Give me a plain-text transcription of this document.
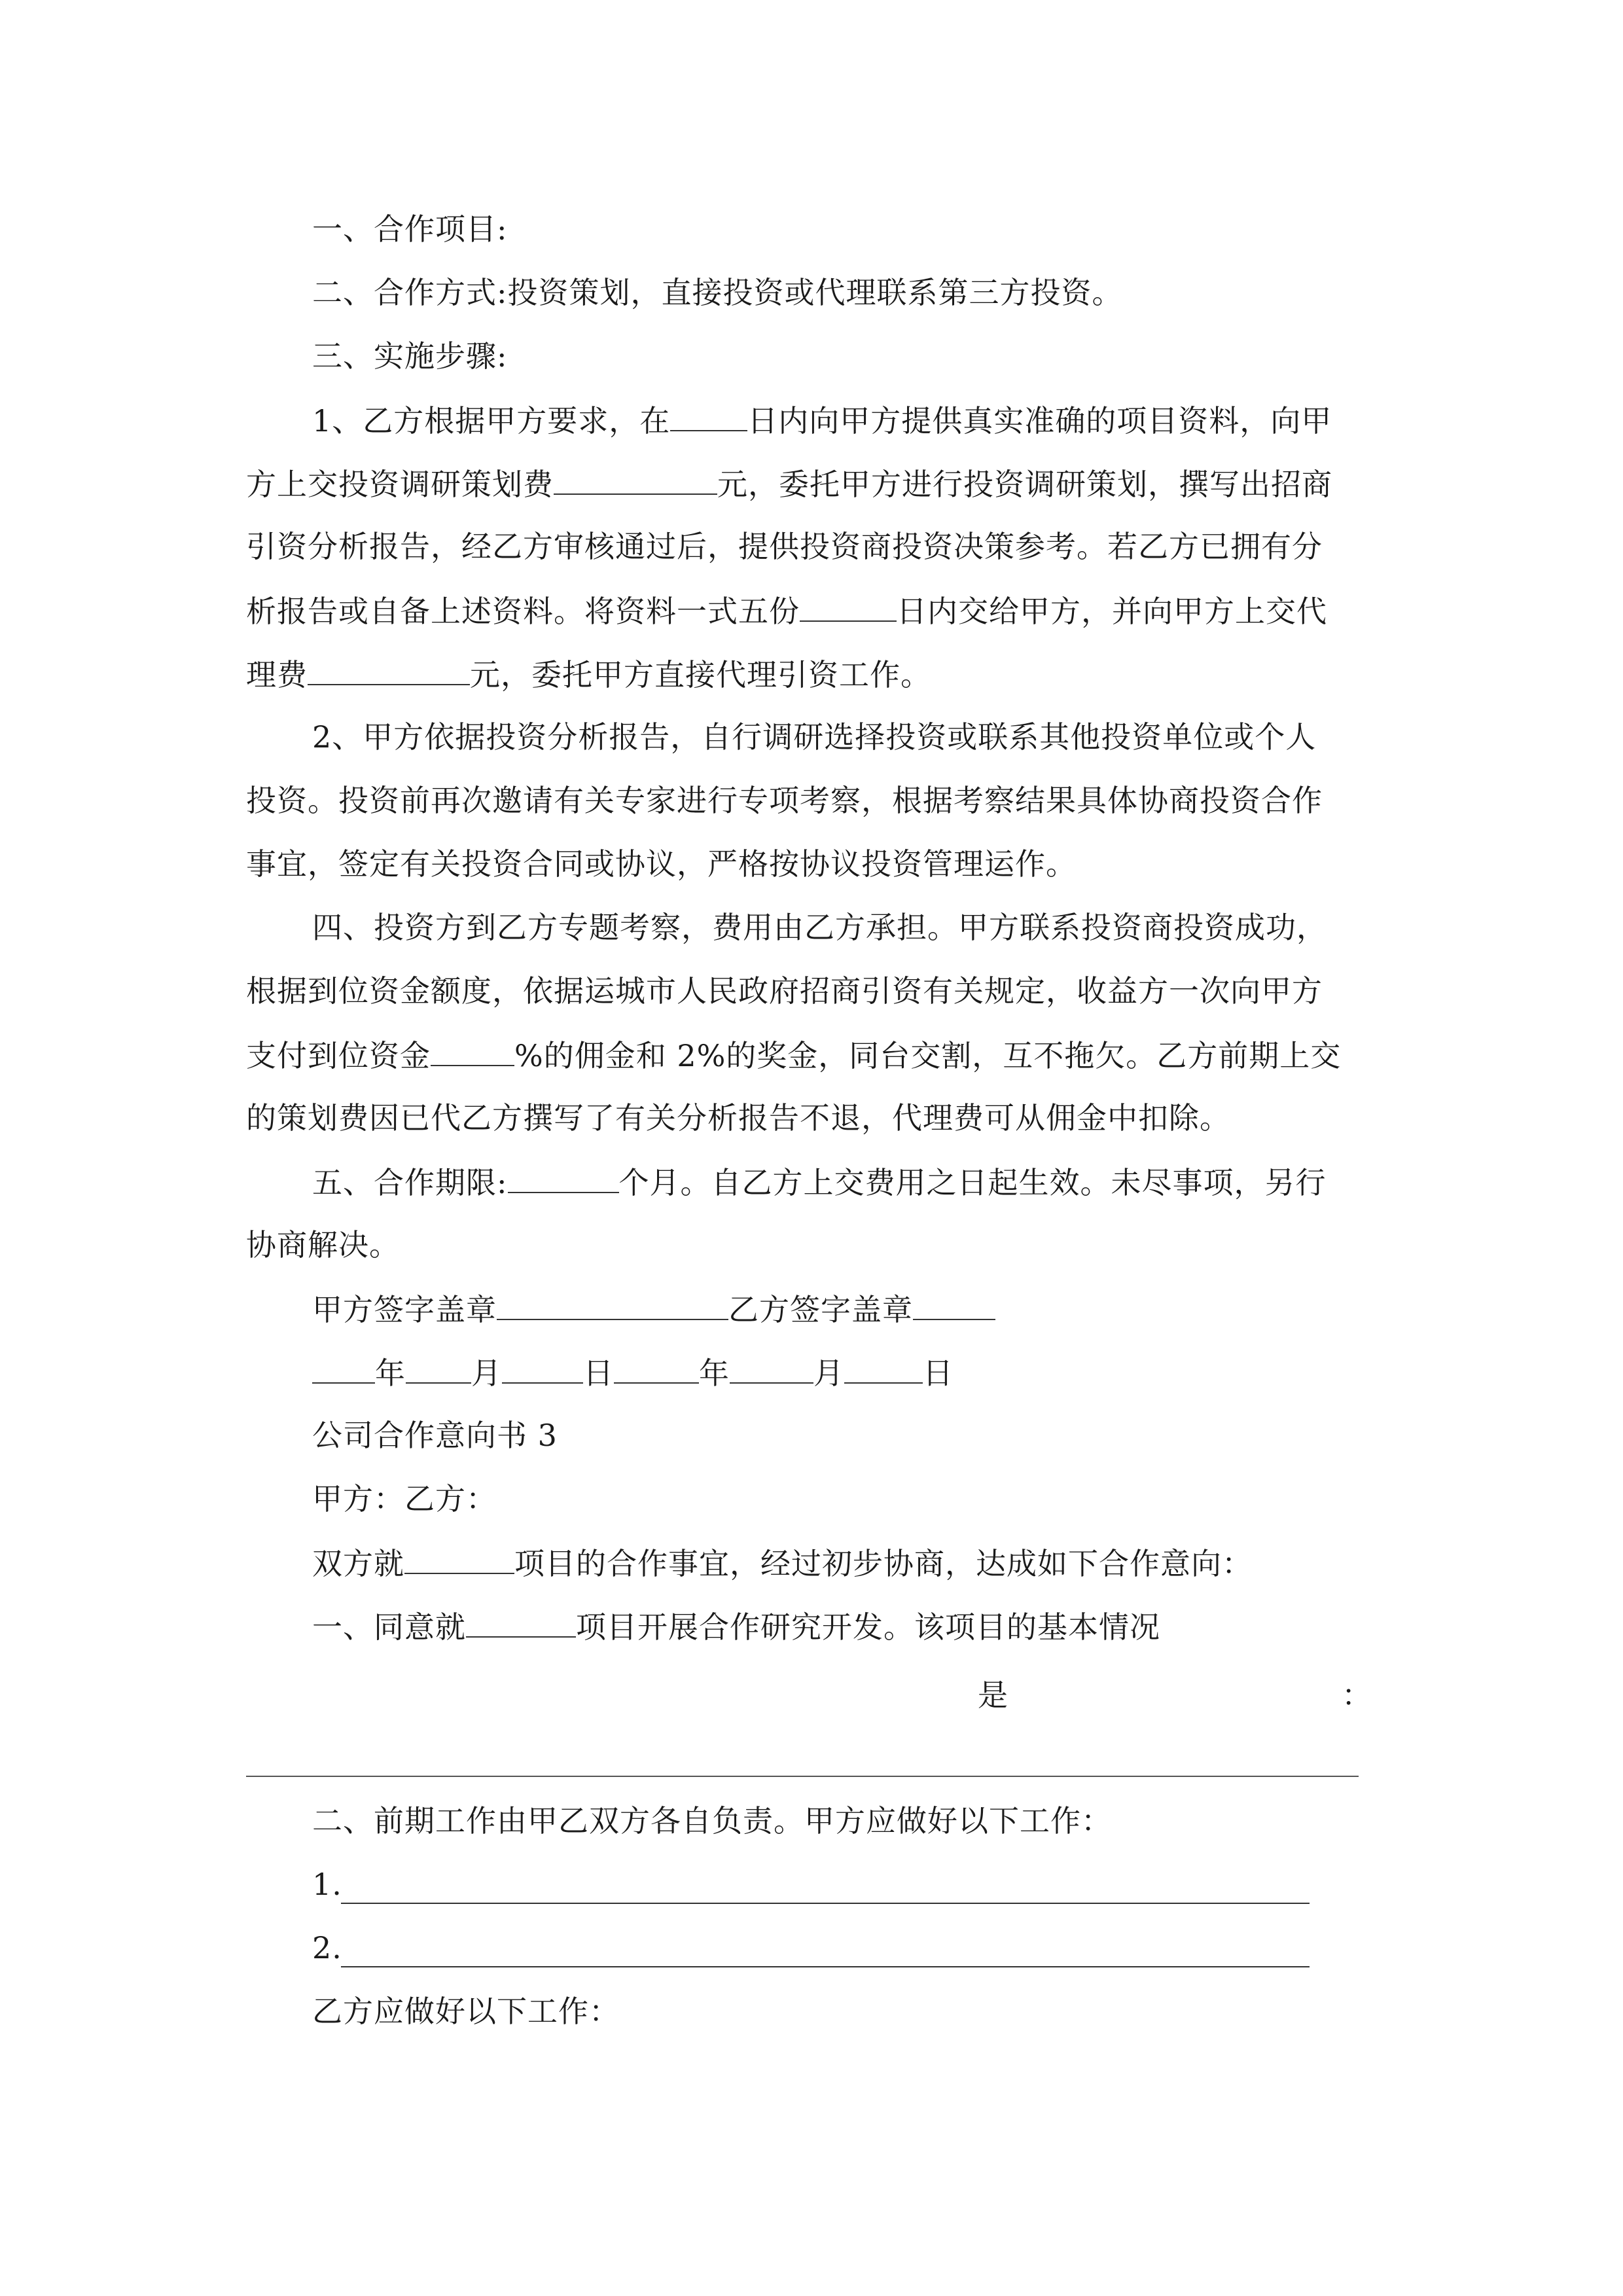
一、合作项目:
二、合作方式:投资策划，直接投资或代理联系第三方投资。
三、实施步骤:
1、乙方根据甲方要求，在	日内向甲方提供真实准确的项目资料，向甲
方上交投资调研策划费	元，委托甲方进行投资调研策划，撰写出招商
引资分析报告，经乙方审核通过后，提供投资商投资决策参考。若乙方已拥有分
析报告或自备上述资料。将资料一式五份	日内交给甲方，并向甲方上交代
理费	元，委托甲方直接代理引资工作。
2、甲方依据投资分析报告，自行调研选择投资或联系其他投资单位或个人
投资。投资前再次邀请有关专家进行专项考察，根据考察结果具体协商投资合作
事宜，签定有关投资合同或协议，严格按协议投资管理运作。
四、投资方到乙方专题考察，费用由乙方承担。甲方联系投资商投资成功，
根据到位资金额度，依据运城市人民政府招商引资有关规定，收益方一次向甲方
支付到位资金	%的佣金和 2%的奖金，同台交割，互不拖欠。乙方前期上交
的策划费因已代乙方撰写了有关分析报告不退，代理费可从佣金中扣除。
五、合作期限:	个月。自乙方上交费用之日起生效。未尽事项，另行
协商解决。
甲方签字盖章	乙方签字盖章
年 月	日	年	月	日
公司合作意向书 3
甲方：乙方：
双方就	项目的合作事宜，经过初步协商，达成如下合作意向：
一、同意就	项目开展合作研究开发。该项目的基本情况
是	：
二、前期工作由甲乙双方各自负责。甲方应做好以下工作：
1.
2.
乙方应做好以下工作：
